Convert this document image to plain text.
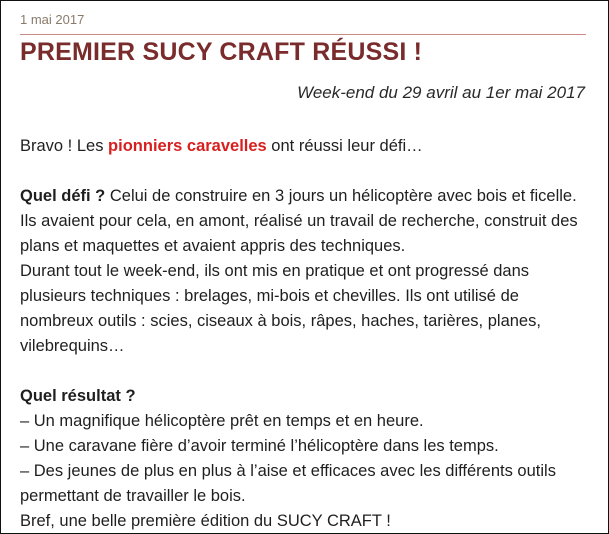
1 mai 2017
PREMIER SUCY CRAFT RÉUSSI !
Week-end du 29 avril au 1er mai 2017

Bravo ! Les pionniers caravelles ont réussi leur défi…

Quel défi ? Celui de construire en 3 jours un hélicoptère avec bois et ficelle.

Ils avaient pour cela, en amont, réalisé un travail de recherche, construit des plans et maquettes et avaient appris des techniques.

Durant tout le week-end, ils ont mis en pratique et ont progressé dans plusieurs techniques : brelages, mi-bois et chevilles. Ils ont utilisé de nombreux outils : scies, ciseaux à bois, râpes, haches, tarières, planes, vilebrequins…

Quel résultat ?

– Un magnifique hélicoptère prêt en temps et en heure.

– Une caravane fière d’avoir terminé l’hélicoptère dans les temps.

– Des jeunes de plus en plus à l’aise et efficaces avec les différents outils permettant de travailler le bois.

Bref, une belle première édition du SUCY CRAFT !
